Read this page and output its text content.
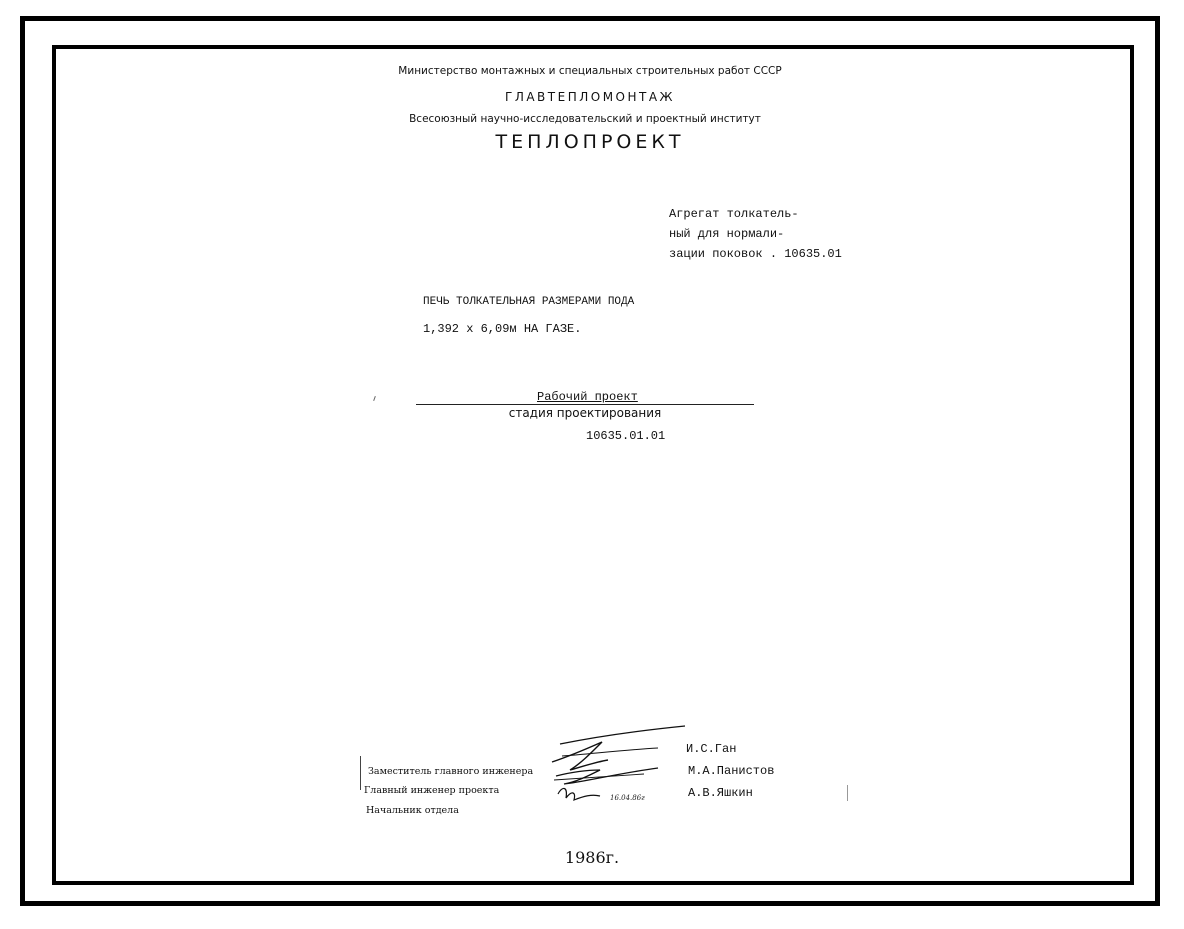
Министерство монтажных и специальных строительных работ СССР
ГЛАВТЕПЛОМОНТАЖ
Всесоюзный научно-исследовательский и проектный институт
ТЕПЛОПРОЕКТ
Агрегат толкатель-
ный для нормали-
зации поковок . 10635.01
ПЕЧЬ ТОЛКАТЕЛЬНАЯ РАЗМЕРАМИ ПОДА
1,392 х 6,09м НА ГАЗЕ.
Рабочий проект
стадия проектирования
10635.01.01
Заместитель главного инженера
Главный инженер проекта
Начальник отдела
16.04.86г
И.С.Ган
М.А.Панистов
А.В.Яшкин
1986г.
